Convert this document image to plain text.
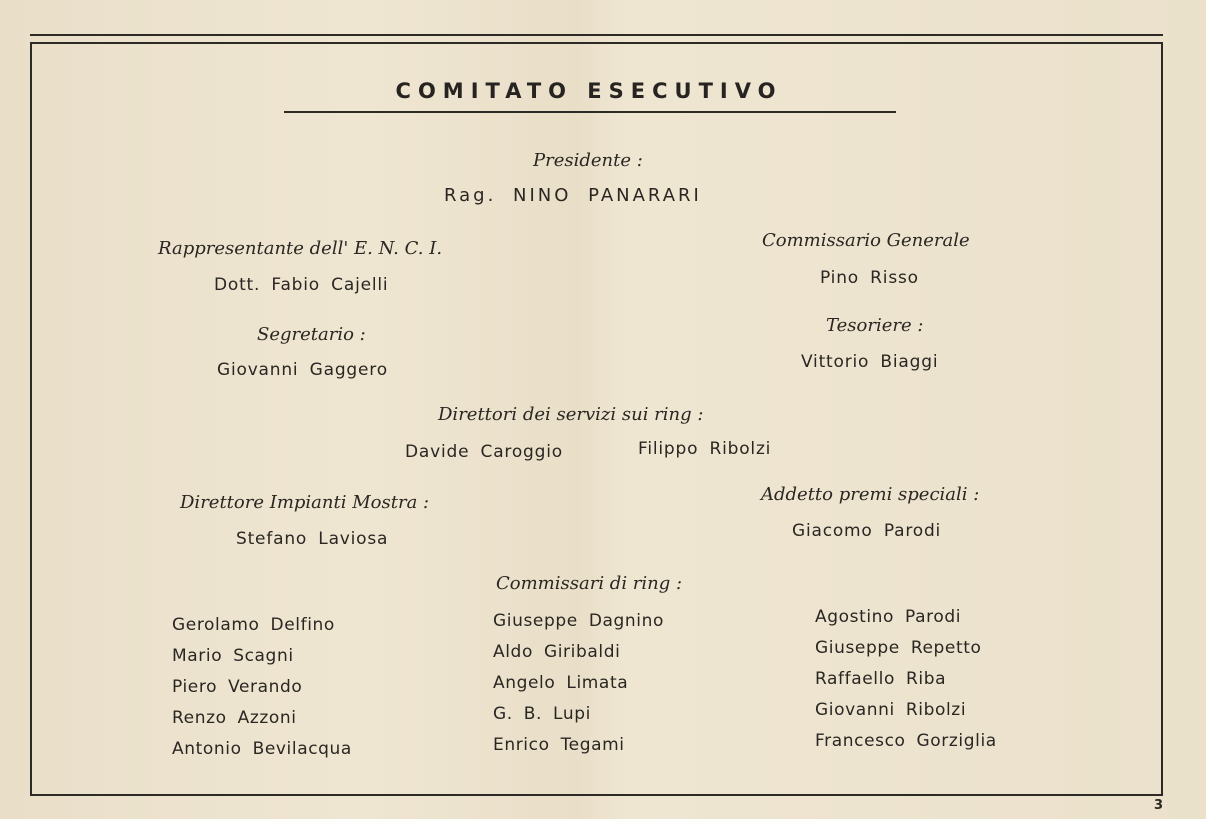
COMITATO ESECUTIVO
Presidente :
Rag. NINO PANARARI
Rappresentante dell' E. N. C. I.
Dott. Fabio Cajelli
Commissario Generale
Pino Risso
Segretario :
Giovanni Gaggero
Tesoriere :
Vittorio Biaggi
Direttori dei servizi sui ring :
Davide Caroggio	Filippo Ribolzi
Direttore Impianti Mostra :
Stefano Laviosa
Addetto premi speciali :
Giacomo Parodi
Commissari di ring :
Gerolamo Delfino
Mario Scagni
Piero Verando
Renzo Azzoni
Antonio Bevilacqua
Giuseppe Dagnino
Aldo Giribaldi
Angelo Limata
G. B. Lupi
Enrico Tegami
Agostino Parodi
Giuseppe Repetto
Raffaello Riba
Giovanni Ribolzi
Francesco Gorziglia
3
